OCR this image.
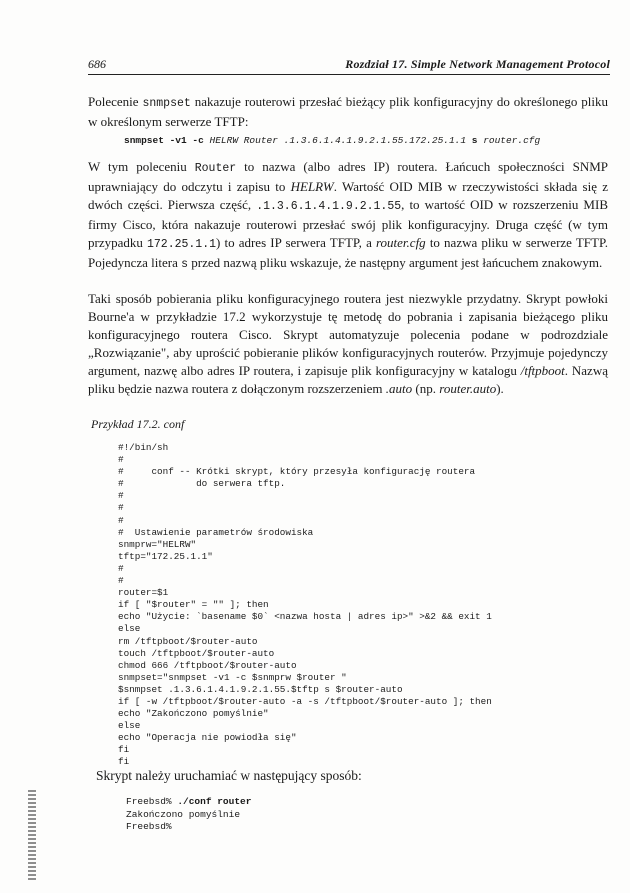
686	Rozdział 17. Simple Network Management Protocol
Polecenie snmpset nakazuje routerowi przesłać bieżący plik konfiguracyjny do określonego pliku w określonym serwerze TFTP:
snmpset -v1 -c HELRW Router .1.3.6.1.4.1.9.2.1.55.172.25.1.1 s router.cfg
W tym poleceniu Router to nazwa (albo adres IP) routera. Łańcuch społeczności SNMP uprawniający do odczytu i zapisu to HELRW. Wartość OID MIB w rzeczywistości składa się z dwóch części. Pierwsza część, .1.3.6.1.4.1.9.2.1.55, to wartość OID w rozszerzeniu MIB firmy Cisco, która nakazuje routerowi przesłać swój plik konfiguracyjny. Druga część (w tym przypadku 172.25.1.1) to adres IP serwera TFTP, a router.cfg to nazwa pliku w serwerze TFTP. Pojedyncza litera s przed nazwą pliku wskazuje, że następny argument jest łańcuchem znakowym.
Taki sposób pobierania pliku konfiguracyjnego routera jest niezwykle przydatny. Skrypt powłoki Bourne'a w przykładzie 17.2 wykorzystuje tę metodę do pobrania i zapisania bieżącego pliku konfiguracyjnego routera Cisco. Skrypt automatyzuje polecenia podane w podrozdziale „Rozwiązanie", aby uprościć pobieranie plików konfiguracyjnych routerów. Przyjmuje pojedynczy argument, nazwę albo adres IP routera, i zapisuje plik konfiguracyjny w katalogu /tftpboot. Nazwą pliku będzie nazwa routera z dołączonym rozszerzeniem .auto (np. router.auto).
Przykład 17.2. conf
#!/bin/sh
#
#     conf -- Krótki skrypt, który przesyła konfigurację routera
#             do serwera tftp.
#
#
#
#  Ustawienie parametrów środowiska
snmprw="HELRW"
tftp="172.25.1.1"
#
#
router=$1
if [ "$router" = "" ]; then
echo "Użycie: `basename $0` <nazwa hosta | adres ip>" >&2 && exit 1
else
rm /tftpboot/$router-auto
touch /tftpboot/$router-auto
chmod 666 /tftpboot/$router-auto
snmpset="snmpset -v1 -c $snmprw $router "
$snmpset .1.3.6.1.4.1.9.2.1.55.$tftp s $router-auto
if [ -w /tftpboot/$router-auto -a -s /tftpboot/$router-auto ]; then
echo "Zakończono pomyślnie"
else
echo "Operacja nie powiodła się"
fi
fi
Skrypt należy uruchamiać w następujący sposób:
Freebsd% ./conf router
Zakończono pomyślnie
Freebsd%
